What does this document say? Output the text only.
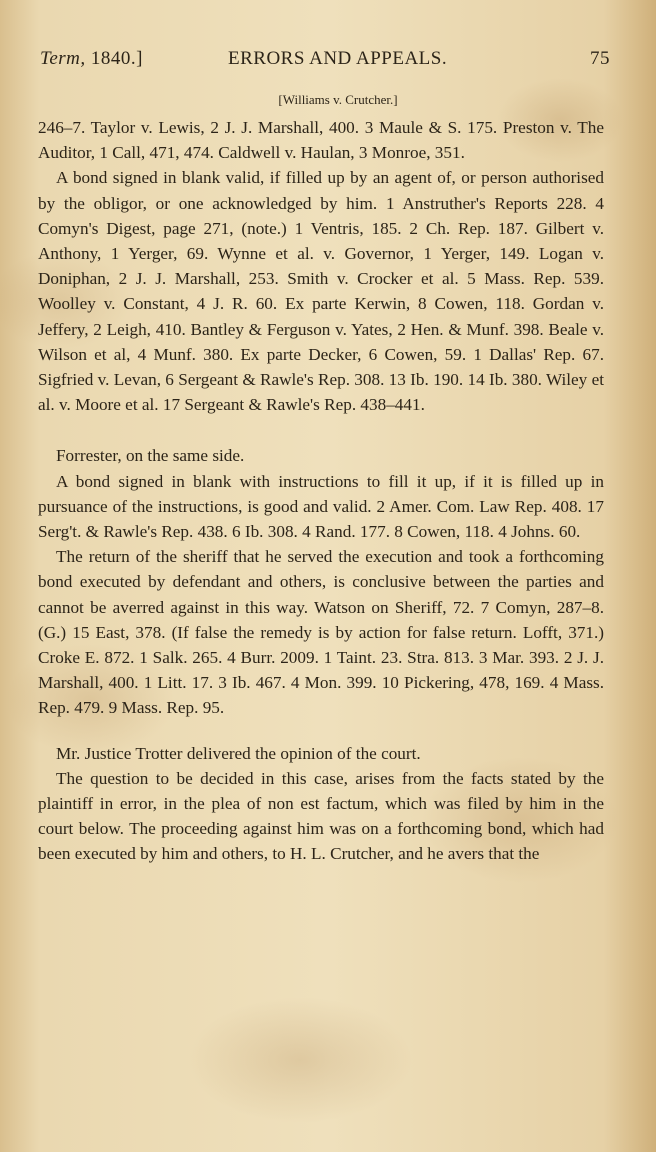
Term, 1840.]	ERRORS AND APPEALS.	75
[Williams v. Crutcher.]

246–7. Taylor v. Lewis, 2 J. J. Marshall, 400. 3 Maule & S. 175. Preston v. The Auditor, 1 Call, 471, 474. Caldwell v. Haulan, 3 Monroe, 351.

A bond signed in blank valid, if filled up by an agent of, or person authorised by the obligor, or one acknowledged by him. 1 Anstruther's Reports 228. 4 Comyn's Digest, page 271, (note.) 1 Ventris, 185. 2 Ch. Rep. 187. Gilbert v. Anthony, 1 Yerger, 69. Wynne et al. v. Governor, 1 Yerger, 149. Logan v. Doniphan, 2 J. J. Marshall, 253. Smith v. Crocker et al. 5 Mass. Rep. 539. Woolley v. Constant, 4 J. R. 60. Ex parte Kerwin, 8 Cowen, 118. Gordan v. Jeffery, 2 Leigh, 410. Bantley & Ferguson v. Yates, 2 Hen. & Munf. 398. Beale v. Wilson et al, 4 Munf. 380. Ex parte Decker, 6 Cowen, 59. 1 Dallas' Rep. 67. Sigfried v. Levan, 6 Sergeant & Rawle's Rep. 308. 13 Ib. 190. 14 Ib. 380. Wiley et al. v. Moore et al. 17 Sergeant & Rawle's Rep. 438–441.

Forrester, on the same side.

A bond signed in blank with instructions to fill it up, if it is filled up in pursuance of the instructions, is good and valid. 2 Amer. Com. Law Rep. 408. 17 Serg't. & Rawle's Rep. 438. 6 Ib. 308. 4 Rand. 177. 8 Cowen, 118. 4 Johns. 60.

The return of the sheriff that he served the execution and took a forthcoming bond executed by defendant and others, is conclusive between the parties and cannot be averred against in this way. Watson on Sheriff, 72. 7 Comyn, 287–8. (G.) 15 East, 378. (If false the remedy is by action for false return. Lofft, 371.) Croke E. 872. 1 Salk. 265. 4 Burr. 2009. 1 Taint. 23. Stra. 813. 3 Mar. 393. 2 J. J. Marshall, 400. 1 Litt. 17. 3 Ib. 467. 4 Mon. 399. 10 Pickering, 478, 169. 4 Mass. Rep. 479. 9 Mass. Rep. 95.

Mr. Justice Trotter delivered the opinion of the court.

The question to be decided in this case, arises from the facts stated by the plaintiff in error, in the plea of non est factum, which was filed by him in the court below. The proceeding against him was on a forthcoming bond, which had been executed by him and others, to H. L. Crutcher, and he avers that the
